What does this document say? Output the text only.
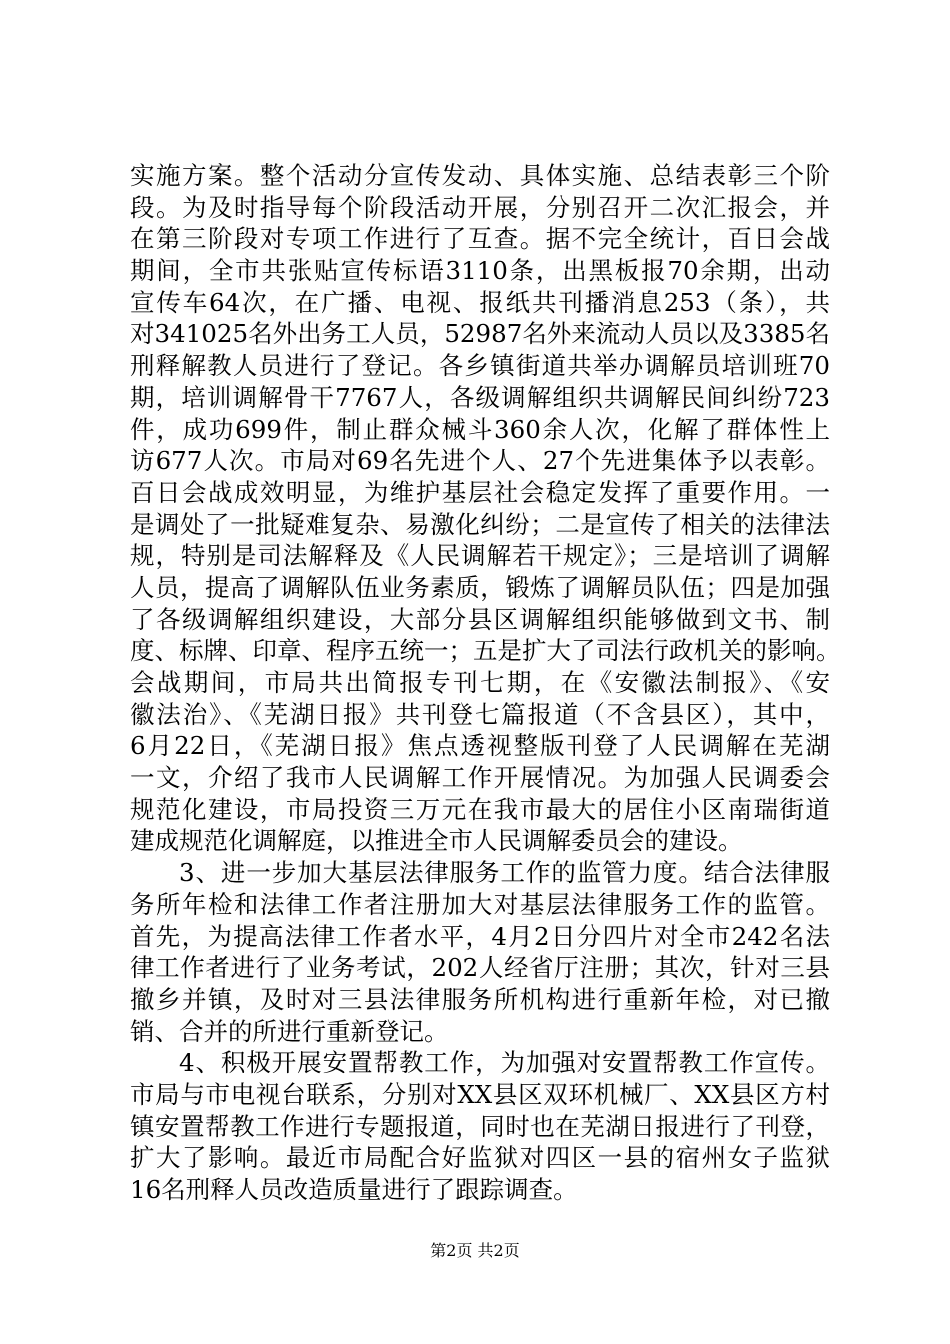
实施方案。整个活动分宣传发动、具体实施、总结表彰三个阶
段。为及时指导每个阶段活动开展，分别召开二次汇报会，并
在第三阶段对专项工作进行了互查。据不完全统计，百日会战
期间，全市共张贴宣传标语3110条，出黑板报70余期，出动
宣传车64次，在广播、电视、报纸共刊播消息253（条），共
对341025名外出务工人员，52987名外来流动人员以及3385名
刑释解教人员进行了登记。各乡镇街道共举办调解员培训班70
期，培训调解骨干7767人，各级调解组织共调解民间纠纷723
件，成功699件，制止群众械斗360余人次，化解了群体性上
访677人次。市局对69名先进个人、27个先进集体予以表彰。
百日会战成效明显，为维护基层社会稳定发挥了重要作用。一
是调处了一批疑难复杂、易激化纠纷；二是宣传了相关的法律法
规，特别是司法解释及《人民调解若干规定》；三是培训了调解
人员，提高了调解队伍业务素质，锻炼了调解员队伍；四是加强
了各级调解组织建设，大部分县区调解组织能够做到文书、制
度、标牌、印章、程序五统一；五是扩大了司法行政机关的影响。
会战期间，市局共出简报专刊七期，在《安徽法制报》、《安
徽法治》、《芜湖日报》共刊登七篇报道（不含县区），其中，
6月22日，《芜湖日报》焦点透视整版刊登了人民调解在芜湖
一文，介绍了我市人民调解工作开展情况。为加强人民调委会
规范化建设，市局投资三万元在我市最大的居住小区南瑞街道
建成规范化调解庭，以推进全市人民调解委员会的建设。
3、进一步加大基层法律服务工作的监管力度。结合法律服
务所年检和法律工作者注册加大对基层法律服务工作的监管。
首先，为提高法律工作者水平，4月2日分四片对全市242名法
律工作者进行了业务考试，202人经省厅注册；其次，针对三县
撤乡并镇，及时对三县法律服务所机构进行重新年检，对已撤
销、合并的所进行重新登记。
4、积极开展安置帮教工作，为加强对安置帮教工作宣传。
市局与市电视台联系，分别对XX县区双环机械厂、XX县区方村
镇安置帮教工作进行专题报道，同时也在芜湖日报进行了刊登，
扩大了影响。最近市局配合好监狱对四区一县的宿州女子监狱
16名刑释人员改造质量进行了跟踪调查。
第2页 共2页
